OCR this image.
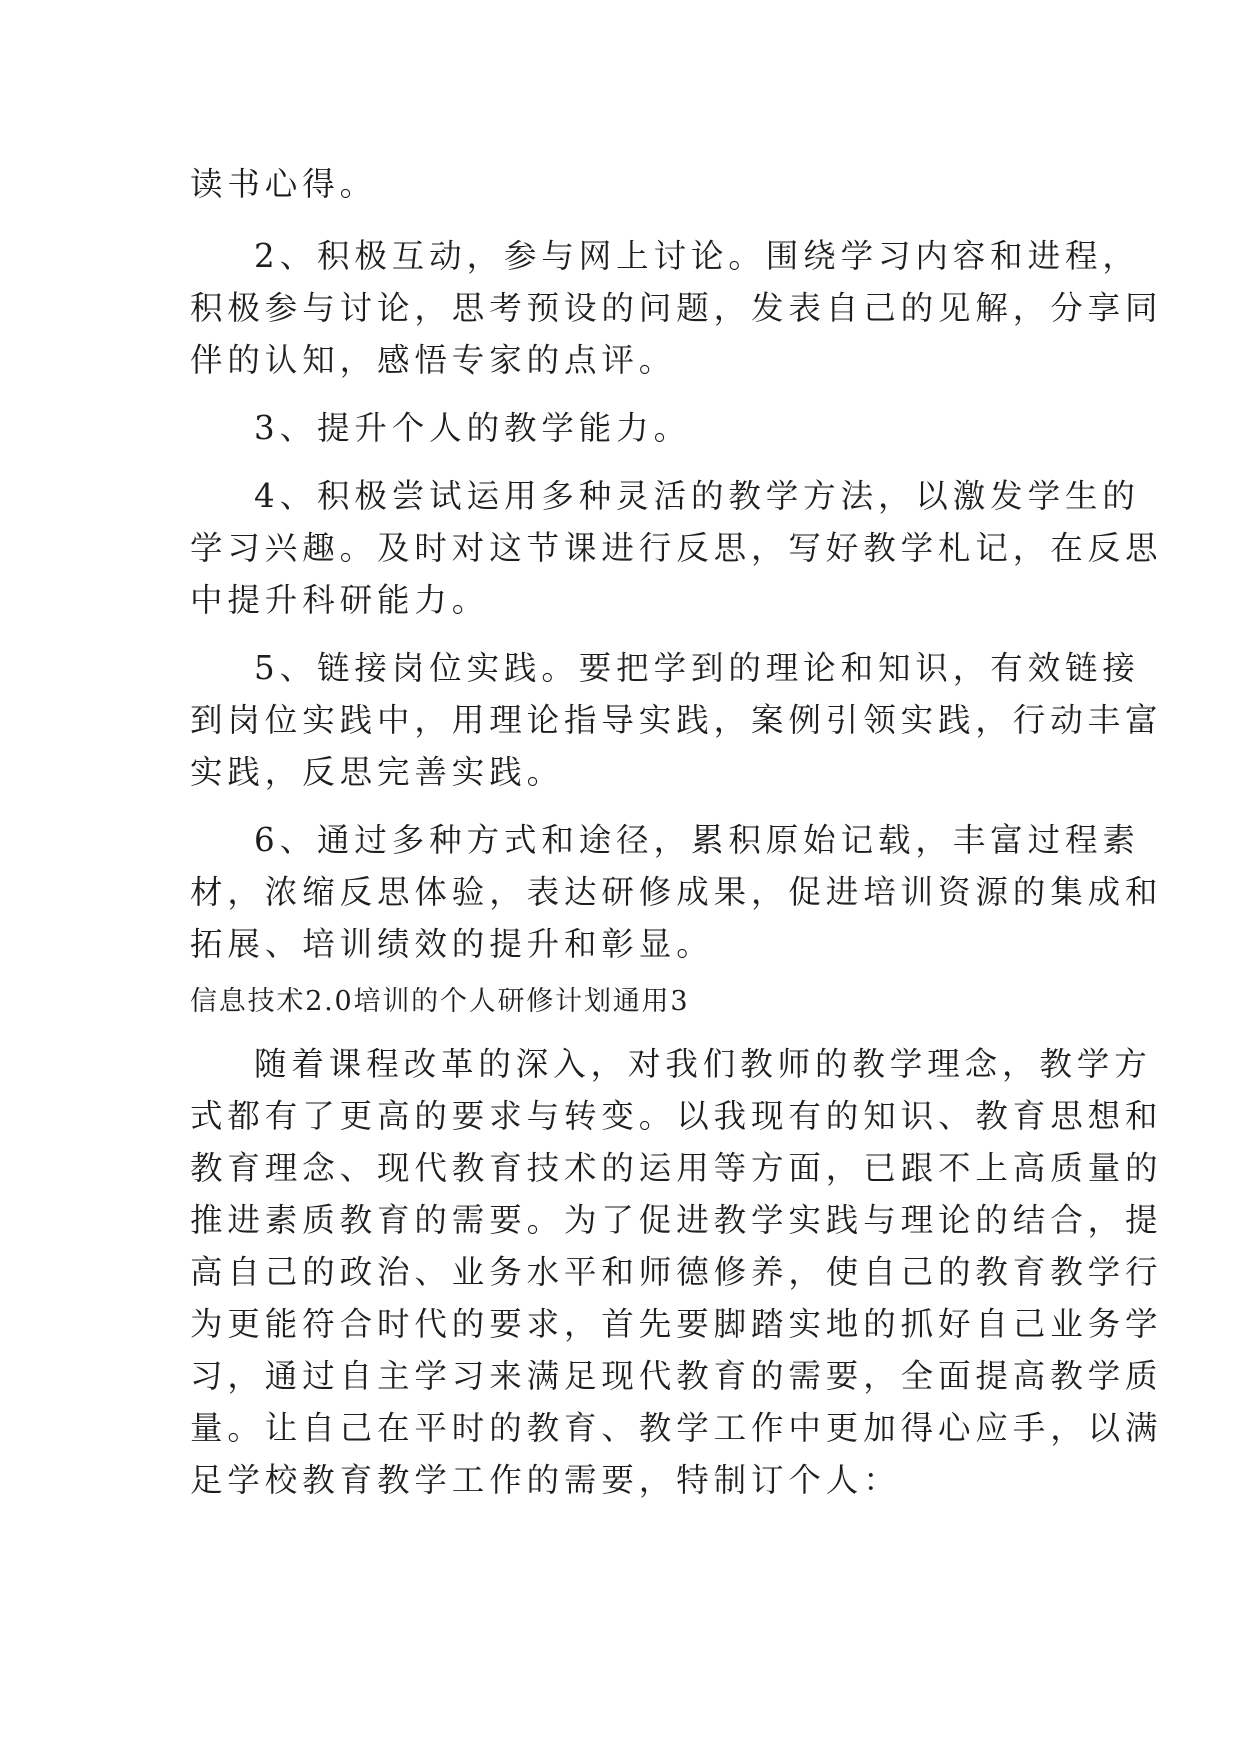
读书心得。
2、积极互动，参与网上讨论。围绕学习内容和进程，
积极参与讨论，思考预设的问题，发表自己的见解，分享同
伴的认知，感悟专家的点评。
3、提升个人的教学能力。
4、积极尝试运用多种灵活的教学方法，以激发学生的
学习兴趣。及时对这节课进行反思，写好教学札记，在反思
中提升科研能力。
5、链接岗位实践。要把学到的理论和知识，有效链接
到岗位实践中，用理论指导实践，案例引领实践，行动丰富
实践，反思完善实践。
6、通过多种方式和途径，累积原始记载，丰富过程素
材，浓缩反思体验，表达研修成果，促进培训资源的集成和
拓展、培训绩效的提升和彰显。
信息技术2.0培训的个人研修计划通用3
随着课程改革的深入，对我们教师的教学理念，教学方
式都有了更高的要求与转变。以我现有的知识、教育思想和
教育理念、现代教育技术的运用等方面，已跟不上高质量的
推进素质教育的需要。为了促进教学实践与理论的结合，提
高自己的政治、业务水平和师德修养，使自己的教育教学行
为更能符合时代的要求，首先要脚踏实地的抓好自己业务学
习，通过自主学习来满足现代教育的需要，全面提高教学质
量。让自己在平时的教育、教学工作中更加得心应手，以满
足学校教育教学工作的需要，特制订个人：
